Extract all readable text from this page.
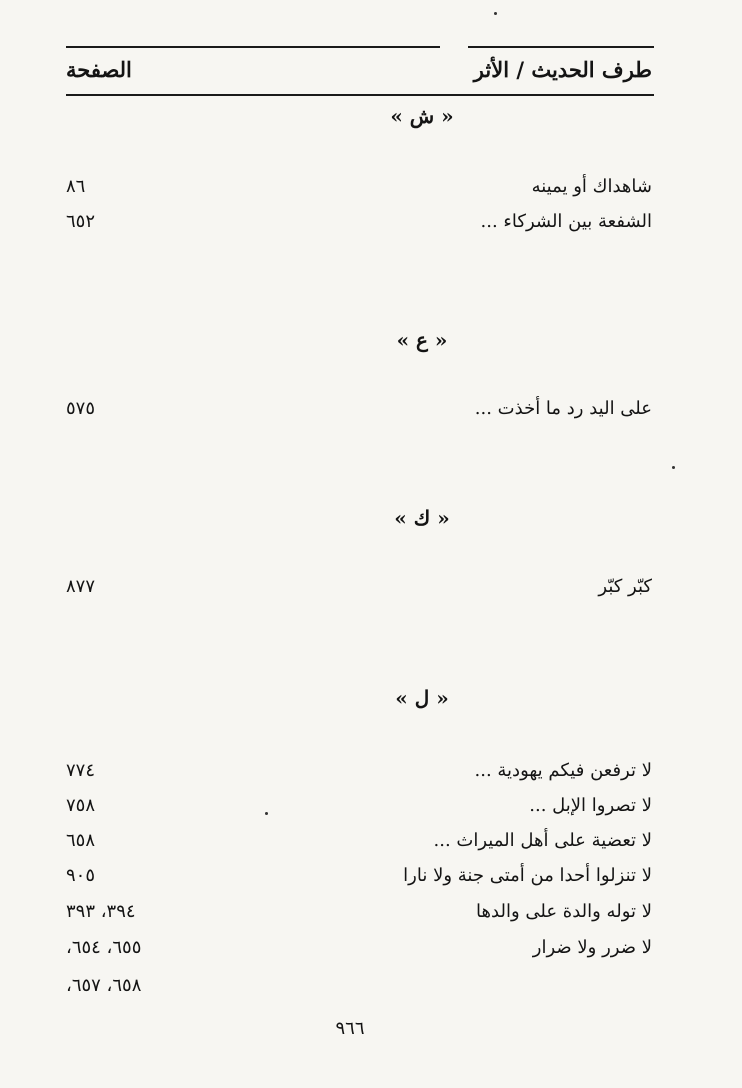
الصفحة	طرف الحديث / الأثر
« ش »
شاهداك أو يمينه
٨٦
الشفعة بين الشركاء ...
٦٥٢
« ع »
على اليد رد ما أخذت ...
٥٧٥
« ك »
كبّر كبّر
٨٧٧
« ل »
لا ترفعن فيكم يهودية ...
٧٧٤
لا تصروا الإبل ...
٧٥٨
لا تعضية على أهل الميراث ...
٦٥٨
لا تنزلوا أحدا من أمتى جنة ولا نارا
٩٠٥
لا توله والدة على والدها
٣٩٤، ٣٩٣
لا ضرر ولا ضرار
٦٥٥، ٦٥٤،
٦٥٨، ٦٥٧،
٩٦٦
